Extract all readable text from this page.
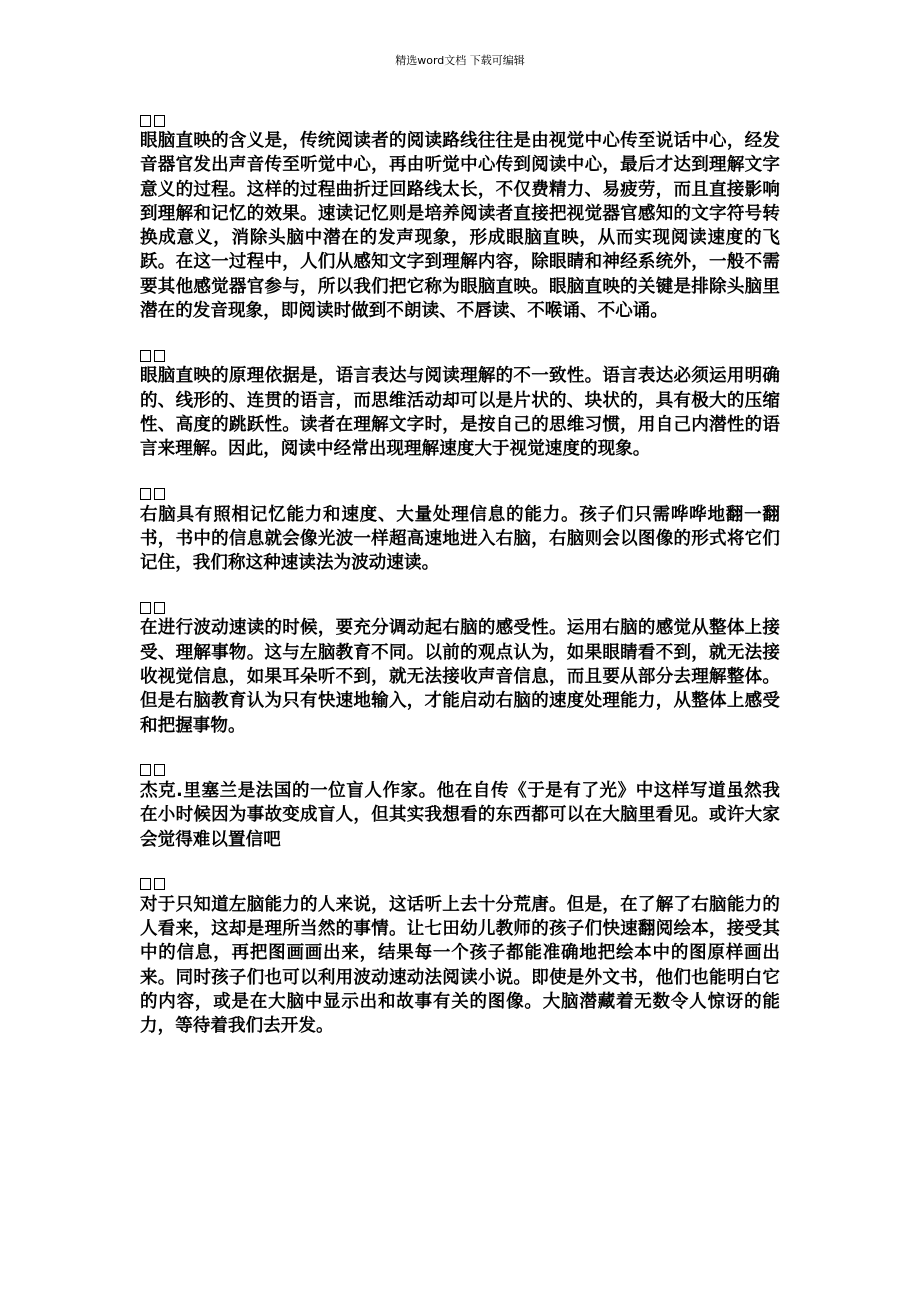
精选word文档 下载可编辑

眼脑直映的含义是，传统阅读者的阅读路线往往是由视觉中心传至说话中心，经发音器官发出声音传至听觉中心，再由听觉中心传到阅读中心，最后才达到理解文字意义的过程。这样的过程曲折迂回路线太长，不仅费精力、易疲劳，而且直接影响到理解和记忆的效果。速读记忆则是培养阅读者直接把视觉器官感知的文字符号转换成意义，消除头脑中潜在的发声现象，形成眼脑直映，从而实现阅读速度的飞跃。在这一过程中，人们从感知文字到理解内容，除眼睛和神经系统外，一般不需要其他感觉器官参与，所以我们把它称为眼脑直映。眼脑直映的关键是排除头脑里潜在的发音现象，即阅读时做到不朗读、不唇读、不喉诵、不心诵。

眼脑直映的原理依据是，语言表达与阅读理解的不一致性。语言表达必须运用明确的、线形的、连贯的语言，而思维活动却可以是片状的、块状的，具有极大的压缩性、高度的跳跃性。读者在理解文字时，是按自己的思维习惯，用自己内潜性的语言来理解。因此，阅读中经常出现理解速度大于视觉速度的现象。

右脑具有照相记忆能力和速度、大量处理信息的能力。孩子们只需哗哗地翻一翻书，书中的信息就会像光波一样超高速地进入右脑，右脑则会以图像的形式将它们记住，我们称这种速读法为波动速读。

在进行波动速读的时候，要充分调动起右脑的感受性。运用右脑的感觉从整体上接受、理解事物。这与左脑教育不同。以前的观点认为，如果眼睛看不到，就无法接收视觉信息，如果耳朵听不到，就无法接收声音信息，而且要从部分去理解整体。但是右脑教育认为只有快速地输入，才能启动右脑的速度处理能力，从整体上感受和把握事物。

杰克.里塞兰是法国的一位盲人作家。他在自传《于是有了光》中这样写道虽然我在小时候因为事故变成盲人，但其实我想看的东西都可以在大脑里看见。或许大家会觉得难以置信吧

对于只知道左脑能力的人来说，这话听上去十分荒唐。但是，在了解了右脑能力的人看来，这却是理所当然的事情。让七田幼儿教师的孩子们快速翻阅绘本，接受其中的信息，再把图画画出来，结果每一个孩子都能准确地把绘本中的图原样画出来。同时孩子们也可以利用波动速动法阅读小说。即使是外文书，他们也能明白它的内容，或是在大脑中显示出和故事有关的图像。大脑潜藏着无数令人惊讶的能力，等待着我们去开发。
